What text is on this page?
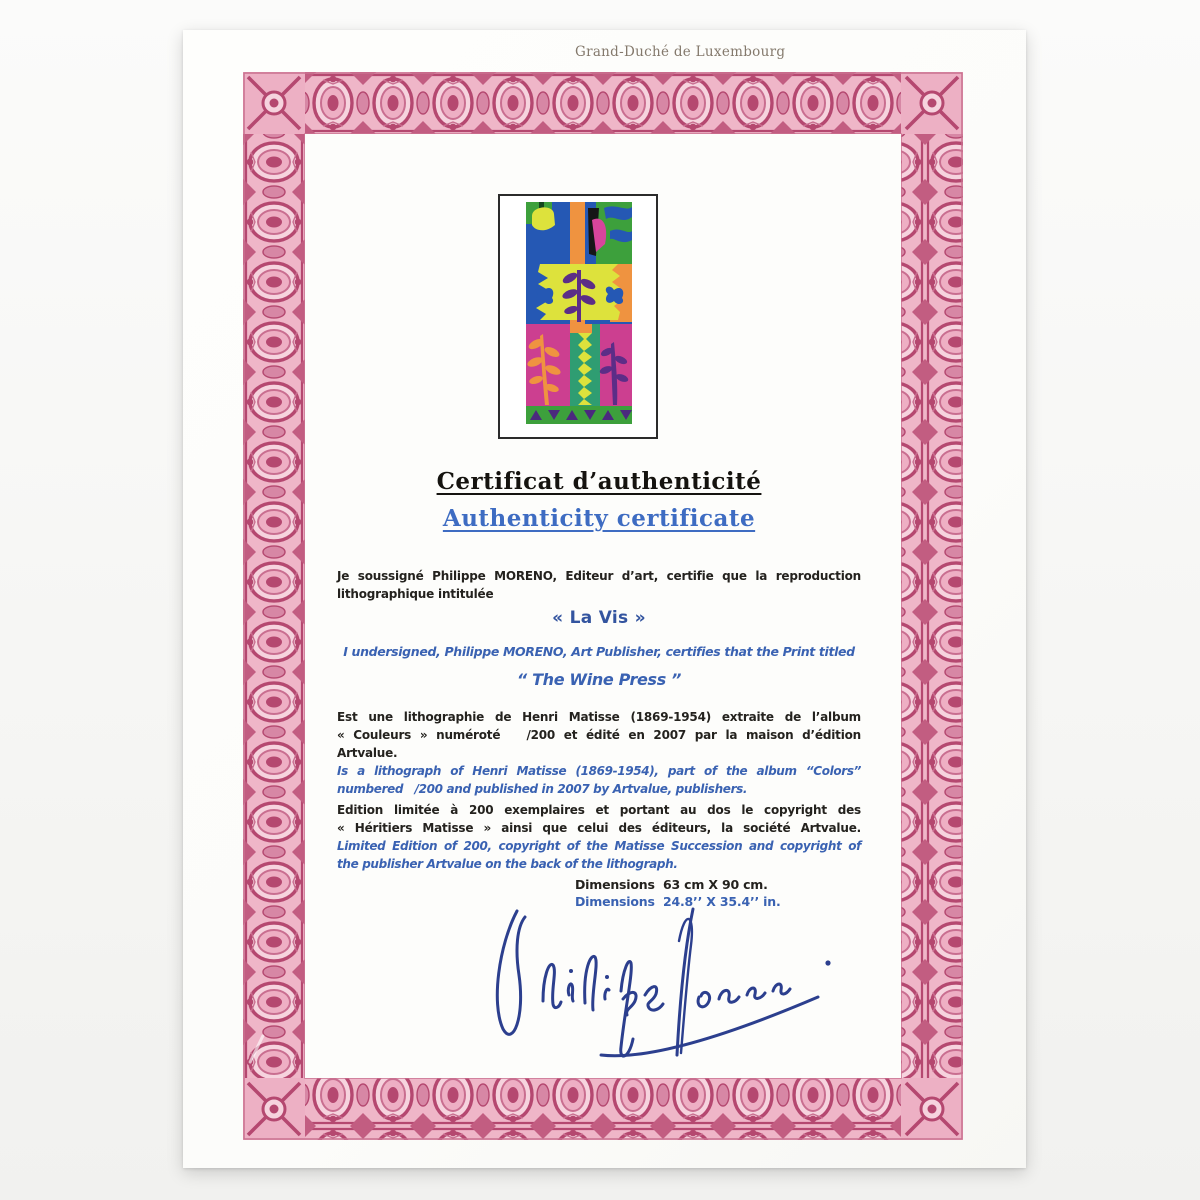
Grand-Duché de Luxembourg
Certificat d’authenticité
Authenticity certificate
Je soussigné Philippe MORENO, Editeur d’art, certifie que la reproduction
lithographique intitulée
« La Vis »
I undersigned, Philippe MORENO, Art Publisher, certifies that the Print titled
“ The Wine Press ”
Est une lithographie de Henri Matisse (1869-1954) extraite de l’album
« Couleurs » numéroté   /200 et édité en 2007 par la maison d’édition
Artvalue.
Is a lithograph of Henri Matisse (1869-1954), part of the album “Colors”
numbered   /200 and published in 2007 by Artvalue, publishers.
Edition limitée à 200 exemplaires et portant au dos le copyright des
« Héritiers Matisse » ainsi que celui des éditeurs, la société Artvalue.
Limited Edition of 200, copyright of the Matisse Succession and copyright of
the publisher Artvalue on the back of the lithograph.
Dimensions  63 cm X 90 cm.
Dimensions  24.8’’ X 35.4’’ in.
